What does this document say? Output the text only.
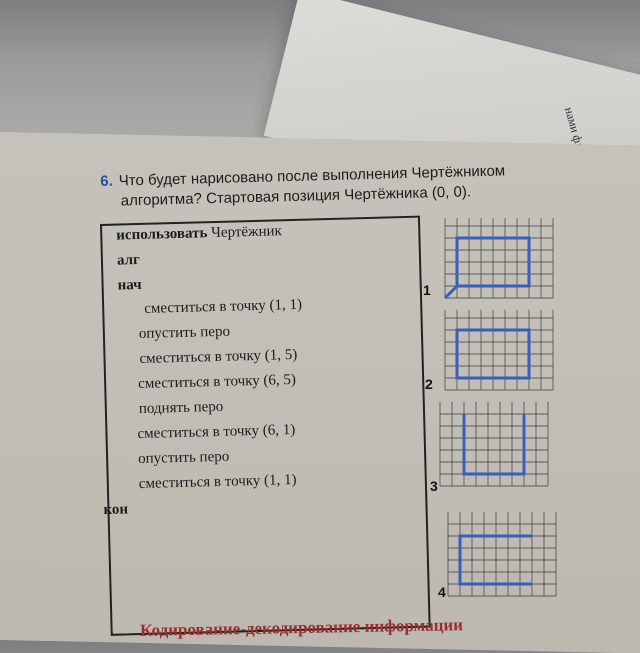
нами фл
6. Что будет нарисовано после выполнения Чертёжником
алгоритма? Стартовая позиция Чертёжника (0, 0).
использовать Чертёжник
алг
нач
сместиться в точку (1, 1)
опустить перо
сместиться в точку (1, 5)
сместиться в точку (6, 5)
поднять перо
сместиться в точку (6, 1)
опустить перо
сместиться в точку (1, 1)
кон
1
2
3
4
Кодирование-декодирование информации
